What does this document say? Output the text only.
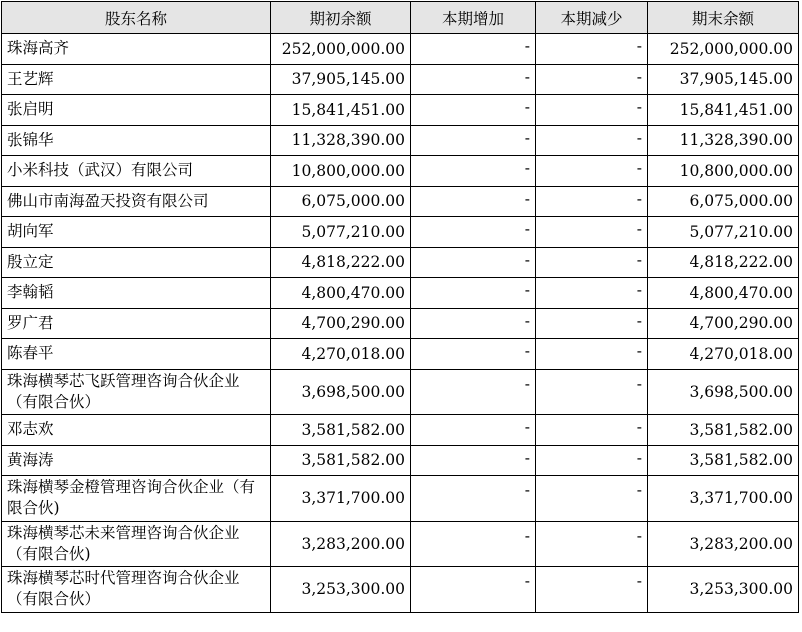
股东名称	期初余额	本期增加	本期减少	期末余额
珠海高齐	252,000,000.00	-	-	252,000,000.00
王艺辉	37,905,145.00	-	-	37,905,145.00
张启明	15,841,451.00	-	-	15,841,451.00
张锦华	11,328,390.00	-	-	11,328,390.00
小米科技（武汉）有限公司	10,800,000.00	-	-	10,800,000.00
佛山市南海盈天投资有限公司	6,075,000.00	-	-	6,075,000.00
胡向军	5,077,210.00	-	-	5,077,210.00
殷立定	4,818,222.00	-	-	4,818,222.00
李翰韬	4,800,470.00	-	-	4,800,470.00
罗广君	4,700,290.00	-	-	4,700,290.00
陈春平	4,270,018.00	-	-	4,270,018.00
珠海横琴芯飞跃管理咨询合伙企业（有限合伙）	3,698,500.00	-	-	3,698,500.00
邓志欢	3,581,582.00	-	-	3,581,582.00
黄海涛	3,581,582.00	-	-	3,581,582.00
珠海横琴金橙管理咨询合伙企业（有限合伙)	3,371,700.00	-	-	3,371,700.00
珠海横琴芯未来管理咨询合伙企业（有限合伙)	3,283,200.00	-	-	3,283,200.00
珠海横琴芯时代管理咨询合伙企业（有限合伙）	3,253,300.00	-	-	3,253,300.00
